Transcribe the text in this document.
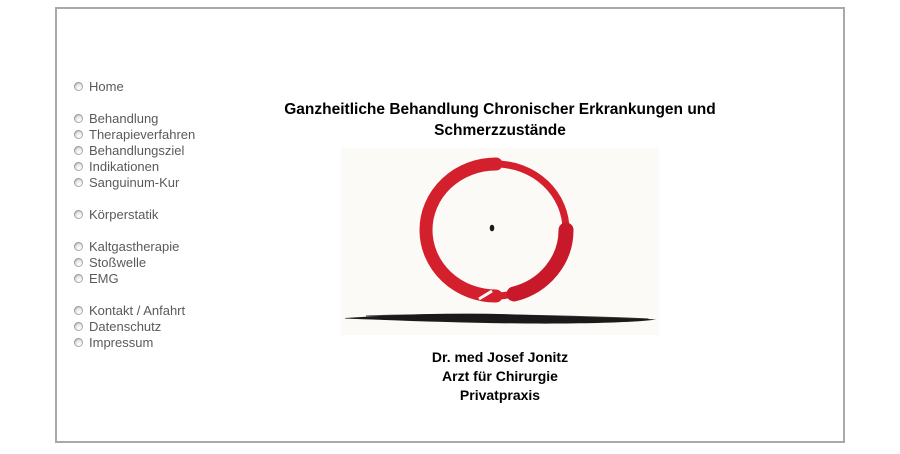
Home
Behandlung
Therapieverfahren
Behandlungsziel
Indikationen
Sanguinum-Kur
Körperstatik
Kaltgastherapie
Stoßwelle
EMG
Kontakt / Anfahrt
Datenschutz
Impressum
Ganzheitliche Behandlung Chronischer Erkrankungen und
Schmerzzustände
Dr. med Josef Jonitz
Arzt für Chirurgie
Privatpraxis
